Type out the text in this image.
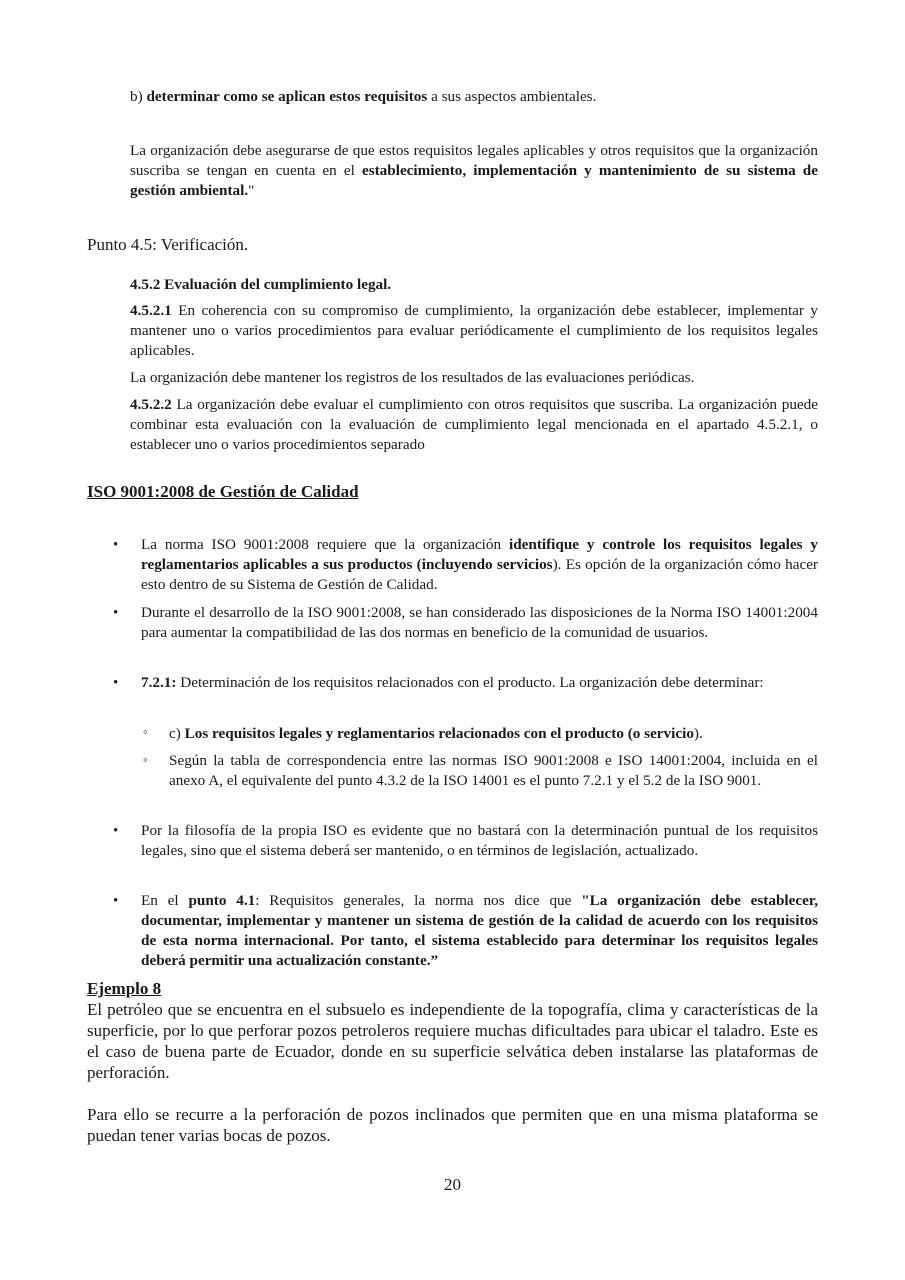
b) determinar como se aplican estos requisitos a sus aspectos ambientales.
La organización debe asegurarse de que estos requisitos legales aplicables y otros requisitos que la organización suscriba se tengan en cuenta en el establecimiento, implementación y mantenimiento de su sistema de gestión ambiental."
Punto 4.5: Verificación.
4.5.2 Evaluación del cumplimiento legal.
4.5.2.1 En coherencia con su compromiso de cumplimiento, la organización debe establecer, implementar y mantener uno o varios procedimientos para evaluar periódicamente el cumplimiento de los requisitos legales aplicables.
La organización debe mantener los registros de los resultados de las evaluaciones periódicas.
4.5.2.2 La organización debe evaluar el cumplimiento con otros requisitos que suscriba. La organización puede combinar esta evaluación con la evaluación de cumplimiento legal mencionada en el apartado 4.5.2.1, o establecer uno o varios procedimientos separado
ISO 9001:2008 de Gestión de Calidad
• La norma ISO 9001:2008 requiere que la organización identifique y controle los requisitos legales y reglamentarios aplicables a sus productos (incluyendo servicios). Es opción de la organización cómo hacer esto dentro de su Sistema de Gestión de Calidad.
• Durante el desarrollo de la ISO 9001:2008, se han considerado las disposiciones de la Norma ISO 14001:2004 para aumentar la compatibilidad de las dos normas en beneficio de la comunidad de usuarios.
• 7.2.1: Determinación de los requisitos relacionados con el producto. La organización debe determinar:
◦ c) Los requisitos legales y reglamentarios relacionados con el producto (o servicio).
◦ Según la tabla de correspondencia entre las normas ISO 9001:2008 e ISO 14001:2004, incluida en el anexo A, el equivalente del punto 4.3.2 de la ISO 14001 es el punto 7.2.1 y el 5.2 de la ISO 9001.
• Por la filosofía de la propia ISO es evidente que no bastará con la determinación puntual de los requisitos legales, sino que el sistema deberá ser mantenido, o en términos de legislación, actualizado.
• En el punto 4.1: Requisitos generales, la norma nos dice que "La organización debe establecer, documentar, implementar y mantener un sistema de gestión de la calidad de acuerdo con los requisitos de esta norma internacional. Por tanto, el sistema establecido para determinar los requisitos legales deberá permitir una actualización constante.”
Ejemplo 8
El petróleo que se encuentra en el subsuelo es independiente de la topografía, clima y características de la superficie, por lo que perforar pozos petroleros requiere muchas dificultades para ubicar el taladro. Este es el caso de buena parte de Ecuador, donde en su superficie selvática deben instalarse las plataformas de perforación.
Para ello se recurre a la perforación de pozos inclinados que permiten que en una misma plataforma se puedan tener varias bocas de pozos.
20
